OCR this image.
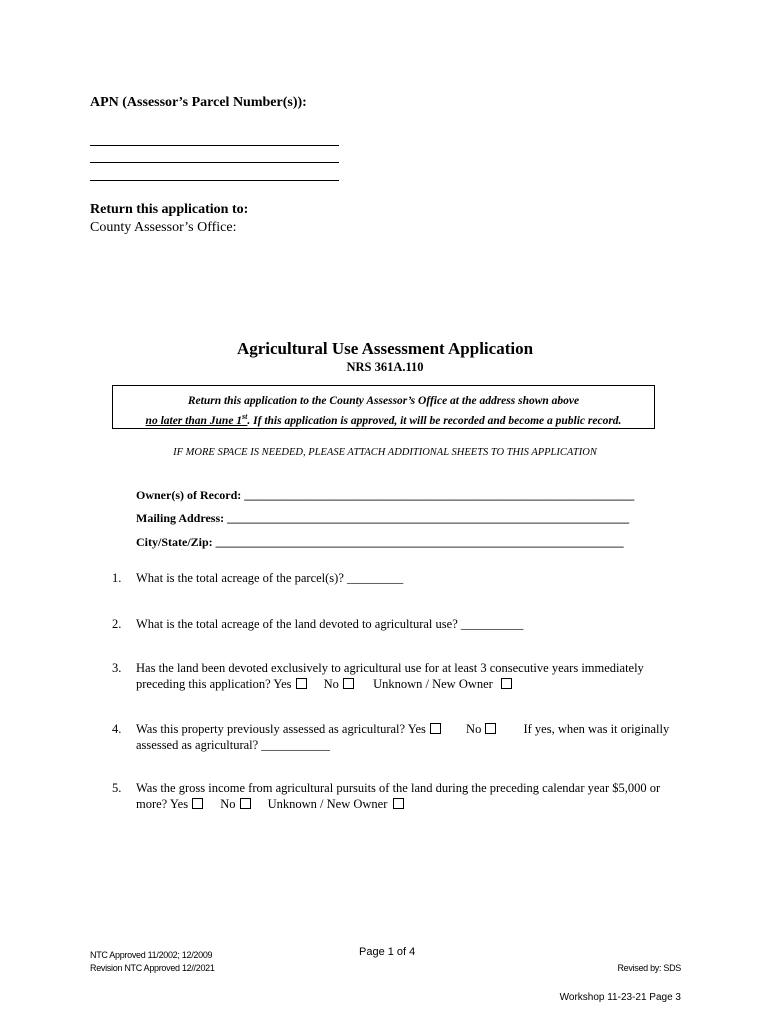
APN (Assessor’s Parcel Number(s)):
Return this application to:
County Assessor’s Office:
Agricultural Use Assessment Application
NRS 361A.110
Return this application to the County Assessor’s Office at the address shown above
no later than June 1st. If this application is approved, it will be recorded and become a public record.
IF MORE SPACE IS NEEDED, PLEASE ATTACH ADDITIONAL SHEETS TO THIS APPLICATION
Owner(s) of Record: _________________________________________________________________
Mailing Address: ___________________________________________________________________
City/State/Zip: ____________________________________________________________________
1. What is the total acreage of the parcel(s)? _________
2. What is the total acreage of the land devoted to agricultural use? __________
3. Has the land been devoted exclusively to agricultural use for at least 3 consecutive years immediately
preceding this application? Yes	No	Unknown / New Owner
4. Was this property previously assessed as agricultural? Yes	No	If yes, when was it originally
assessed as agricultural? ___________
5. Was the gross income from agricultural pursuits of the land during the preceding calendar year $5,000 or
more? Yes	No	Unknown / New Owner
NTC Approved 11/2002; 12/2009
Revision NTC Approved 12//2021
Page 1 of 4
Revised by: SDS
Workshop 11-23-21 Page 3
